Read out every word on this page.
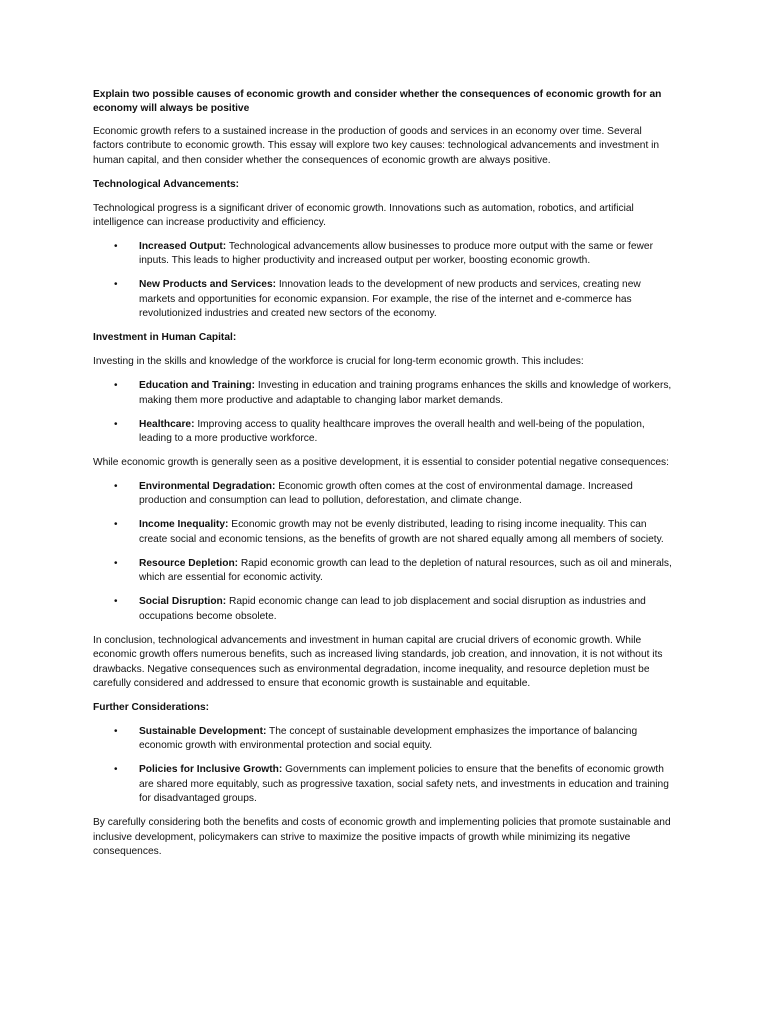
Explain two possible causes of economic growth and consider whether the consequences of economic growth for an economy will always be positive

Economic growth refers to a sustained increase in the production of goods and services in an economy over time. Several factors contribute to economic growth. This essay will explore two key causes: technological advancements and investment in human capital, and then consider whether the consequences of economic growth are always positive.

Technological Advancements:

Technological progress is a significant driver of economic growth. Innovations such as automation, robotics, and artificial intelligence can increase productivity and efficiency.

• Increased Output: Technological advancements allow businesses to produce more output with the same or fewer inputs. This leads to higher productivity and increased output per worker, boosting economic growth.
• New Products and Services: Innovation leads to the development of new products and services, creating new markets and opportunities for economic expansion. For example, the rise of the internet and e-commerce has revolutionized industries and created new sectors of the economy.

Investment in Human Capital:

Investing in the skills and knowledge of the workforce is crucial for long-term economic growth. This includes:

• Education and Training: Investing in education and training programs enhances the skills and knowledge of workers, making them more productive and adaptable to changing labor market demands.
• Healthcare: Improving access to quality healthcare improves the overall health and well-being of the population, leading to a more productive workforce.

While economic growth is generally seen as a positive development, it is essential to consider potential negative consequences:

• Environmental Degradation: Economic growth often comes at the cost of environmental damage. Increased production and consumption can lead to pollution, deforestation, and climate change.
• Income Inequality: Economic growth may not be evenly distributed, leading to rising income inequality. This can create social and economic tensions, as the benefits of growth are not shared equally among all members of society.
• Resource Depletion: Rapid economic growth can lead to the depletion of natural resources, such as oil and minerals, which are essential for economic activity.
• Social Disruption: Rapid economic change can lead to job displacement and social disruption as industries and occupations become obsolete.

In conclusion, technological advancements and investment in human capital are crucial drivers of economic growth. While economic growth offers numerous benefits, such as increased living standards, job creation, and innovation, it is not without its drawbacks. Negative consequences such as environmental degradation, income inequality, and resource depletion must be carefully considered and addressed to ensure that economic growth is sustainable and equitable.

Further Considerations:

• Sustainable Development: The concept of sustainable development emphasizes the importance of balancing economic growth with environmental protection and social equity.
• Policies for Inclusive Growth: Governments can implement policies to ensure that the benefits of economic growth are shared more equitably, such as progressive taxation, social safety nets, and investments in education and training for disadvantaged groups.

By carefully considering both the benefits and costs of economic growth and implementing policies that promote sustainable and inclusive development, policymakers can strive to maximize the positive impacts of growth while minimizing its negative consequences.
